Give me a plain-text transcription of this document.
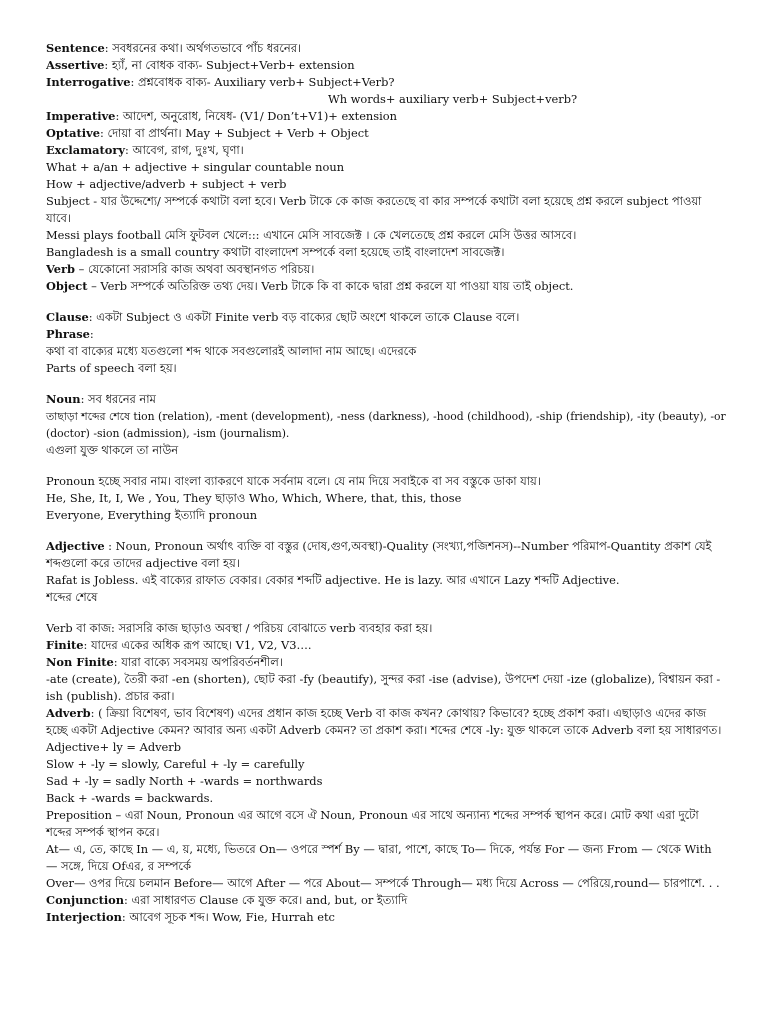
Sentence: সবধরনের কথা। অর্থগতভাবে পাঁচ ধরনের।
Assertive: হ্যাঁ, না বোধক বাক্য- Subject+Verb+ extension
Interrogative: প্রশ্নবোধক বাক্য- Auxiliary verb+ Subject+Verb?
Wh words+ auxiliary verb+ Subject+verb?
Imperative: আদেশ, অনুরোধ, নিষেধ- (V1/ Don’t+V1)+ extension
Optative: দোয়া বা প্রার্থনা। May + Subject + Verb + Object
Exclamatory: আবেগ, রাগ, দুঃখ, ঘৃণা।
What + a/an + adjective + singular countable noun
How + adjective/adverb + subject + verb
Subject - যার উদ্দেশ্যে/ সম্পর্কে কথাটা বলা হবে। Verb টাকে কে কাজ করতেছে বা কার সম্পর্কে কথাটা বলা হয়েছে প্রশ্ন করলে subject পাওয়া যাবে।
Messi plays football মেসি ফুটবল খেলে::: এখানে মেসি সাবজেক্ট । কে খেলতেছে প্রশ্ন করলে মেসি উত্তর আসবে।
Bangladesh is a small country কথাটা বাংলাদেশ সম্পর্কে বলা হয়েছে তাই বাংলাদেশ সাবজেক্ট।
Verb – যেকোনো সরাসরি কাজ অথবা অবস্থানগত পরিচয়।
Object – Verb সম্পর্কে অতিরিক্ত তথ্য দেয়। Verb টাকে কি বা কাকে দ্বারা প্রশ্ন করলে যা পাওয়া যায় তাই object.
Clause: একটা Subject ও একটা Finite verb বড় বাক্যের ছোট অংশে থাকলে তাকে Clause বলে।
Phrase:
কথা বা বাক্যের মধ্যে যতগুলো শব্দ থাকে সবগুলোরই আলাদা নাম আছে। এদেরকে
Parts of speech বলা হয়।
Noun: সব ধরনের নাম
তাছাড়া শব্দের শেষে tion (relation), -ment (development), -ness (darkness), -hood (childhood), -ship (friendship), -ity (beauty), -or (doctor) -sion (admission), -ism (journalism).
এগুলা যুক্ত থাকলে তা নাউন
Pronoun হচ্ছে সবার নাম। বাংলা ব্যাকরণে যাকে সর্বনাম বলে। যে নাম দিয়ে সবাইকে বা সব বস্তুকে ডাকা যায়।
He, She, It, I, We , You, They ছাড়াও Who, Which, Where, that, this, those
Everyone, Everything ইত্যাদি pronoun
Adjective : Noun, Pronoun অর্থাৎ ব্যক্তি বা বস্তুর (দোষ,গুণ,অবস্থা)-Quality (সংখ্যা,পজিশনস)--Number পরিমাপ-Quantity প্রকাশ যেই শব্দগুলো করে তাদের adjective বলা হয়।
Rafat is Jobless. এই বাক্যের রাফাত বেকার। বেকার শব্দটি adjective. He is lazy. আর এখানে Lazy শব্দটি Adjective.
শব্দের শেষে
Verb বা কাজ: সরাসরি কাজ ছাড়াও অবস্থা / পরিচয় বোঝাতে verb ব্যবহার করা হয়।
Finite: যাদের একের অধিক রূপ আছে। V1, V2, V3….
Non Finite: যারা বাক্যে সবসময় অপরিবর্তনশীল।
-ate (create), তৈরী করা -en (shorten), ছোট করা -fy (beautify), সুন্দর করা -ise (advise), উপদেশ দেয়া -ize (globalize), বিশ্বায়ন করা -ish (publish). প্রচার করা।
Adverb: ( ক্রিয়া বিশেষণ, ভাব বিশেষণ) এদের প্রধান কাজ হচ্ছে Verb বা কাজ কখন? কোথায়? কিভাবে? হচ্ছে প্রকাশ করা। এছাড়াও এদের কাজ হচ্ছে একটা Adjective কেমন? আবার অন্য একটা Adverb কেমন? তা প্রকাশ করা। শব্দের শেষে -ly: যুক্ত থাকলে তাকে Adverb বলা হয় সাধারণত। Adjective+ ly = Adverb
Slow + -ly = slowly, Careful + -ly = carefully
Sad + -ly = sadly North + -wards = northwards
Back + -wards = backwards.
Preposition – এরা Noun, Pronoun এর আগে বসে ঐ Noun, Pronoun এর সাথে অন্যান্য শব্দের সম্পর্ক স্থাপন করে। মোট কথা এরা দুটো শব্দের সম্পর্ক স্থাপন করে।
At— এ, তে, কাছে In — এ, য়, মধ্যে, ভিতরে On— ওপরে স্পর্শ By — দ্বারা, পাশে, কাছে To— দিকে, পর্যন্ত For — জন্য From — থেকে With — সঙ্গে, দিয়ে Ofএর, র সম্পর্কে
Over— ওপর দিয়ে চলমান Before— আগে After — পরে About— সম্পর্কে Through— মধ্য দিয়ে Across — পেরিয়ে,round— চারপাশে. . .
Conjunction: এরা সাধারণত Clause কে যুক্ত করে। and, but, or ইত্যাদি
Interjection: আবেগ সূচক শব্দ। Wow, Fie, Hurrah etc
